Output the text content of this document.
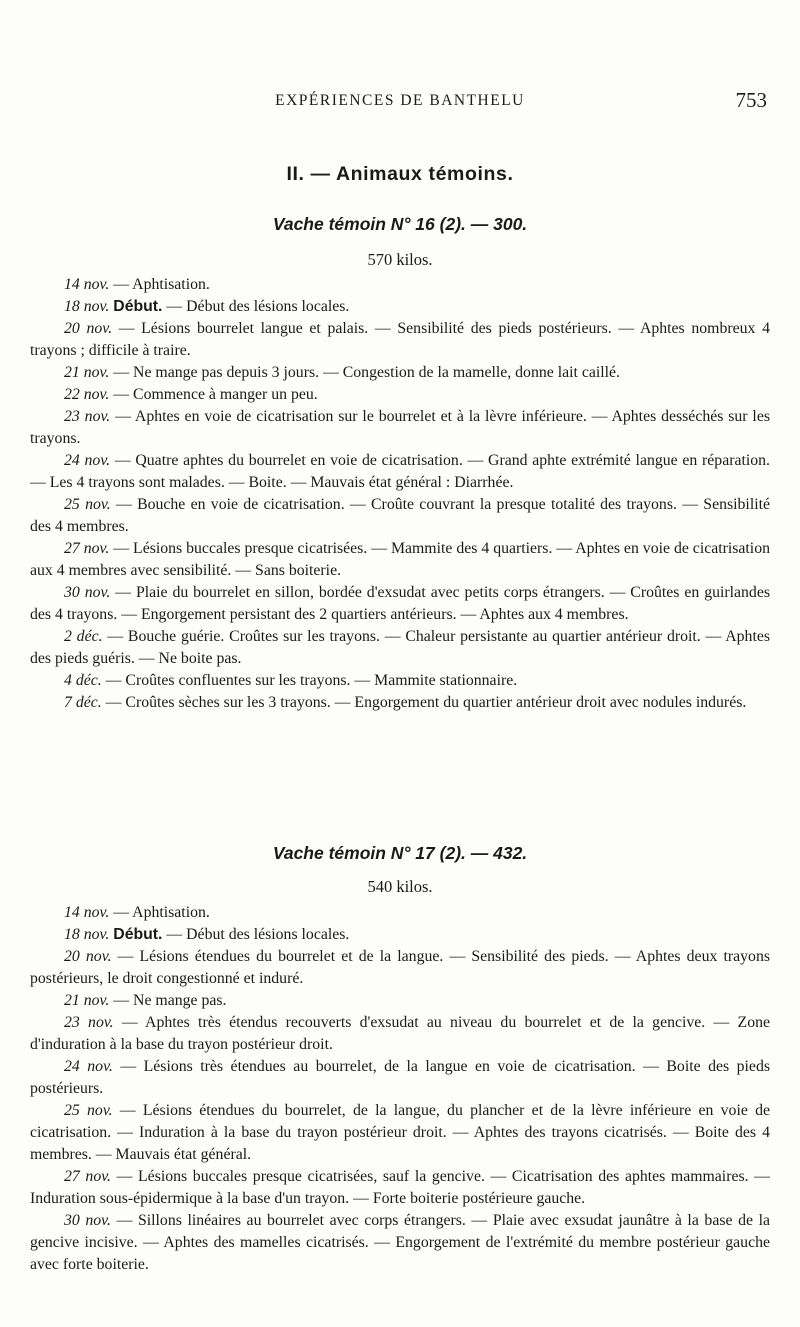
EXPÉRIENCES DE BANTHELU	753
II. — Animaux témoins.
Vache témoin N° 16 (2). — 300.
570 kilos.

14 nov. — Aphtisation.

18 nov. Début. — Début des lésions locales.

20 nov. — Lésions bourrelet langue et palais. — Sensibilité des pieds postérieurs. — Aphtes nombreux 4 trayons ; difficile à traire.

21 nov. — Ne mange pas depuis 3 jours. — Congestion de la mamelle, donne lait caillé.

22 nov. — Commence à manger un peu.

23 nov. — Aphtes en voie de cicatrisation sur le bourrelet et à la lèvre inférieure. — Aphtes desséchés sur les trayons.

24 nov. — Quatre aphtes du bourrelet en voie de cicatrisation. — Grand aphte extrémité langue en réparation. — Les 4 trayons sont malades. — Boite. — Mauvais état général : Diarrhée.

25 nov. — Bouche en voie de cicatrisation. — Croûte couvrant la presque totalité des trayons. — Sensibilité des 4 membres.

27 nov. — Lésions buccales presque cicatrisées. — Mammite des 4 quartiers. — Aphtes en voie de cicatrisation aux 4 membres avec sensibilité. — Sans boiterie.

30 nov. — Plaie du bourrelet en sillon, bordée d'exsudat avec petits corps étrangers. — Croûtes en guirlandes des 4 trayons. — Engorgement persistant des 2 quartiers antérieurs. — Aphtes aux 4 membres.

2 déc. — Bouche guérie. Croûtes sur les trayons. — Chaleur persistante au quartier antérieur droit. — Aphtes des pieds guéris. — Ne boite pas.

4 déc. — Croûtes confluentes sur les trayons. — Mammite stationnaire.

7 déc. — Croûtes sèches sur les 3 trayons. — Engorgement du quartier antérieur droit avec nodules indurés.

Vache témoin N° 17 (2). — 432.
540 kilos.

14 nov. — Aphtisation.

18 nov. Début. — Début des lésions locales.

20 nov. — Lésions étendues du bourrelet et de la langue. — Sensibilité des pieds. — Aphtes deux trayons postérieurs, le droit congestionné et induré.

21 nov. — Ne mange pas.

23 nov. — Aphtes très étendus recouverts d'exsudat au niveau du bourrelet et de la gencive. — Zone d'induration à la base du trayon postérieur droit.

24 nov. — Lésions très étendues au bourrelet, de la langue en voie de cicatrisation. — Boite des pieds postérieurs.

25 nov. — Lésions étendues du bourrelet, de la langue, du plancher et de la lèvre inférieure en voie de cicatrisation. — Induration à la base du trayon postérieur droit. — Aphtes des trayons cicatrisés. — Boite des 4 membres. — Mauvais état général.

27 nov. — Lésions buccales presque cicatrisées, sauf la gencive. — Cicatrisation des aphtes mammaires. — Induration sous-épidermique à la base d'un trayon. — Forte boiterie postérieure gauche.

30 nov. — Sillons linéaires au bourrelet avec corps étrangers. — Plaie avec exsudat jaunâtre à la base de la gencive incisive. — Aphtes des mamelles cicatrisés. — Engorgement de l'extrémité du membre postérieur gauche avec forte boiterie.
